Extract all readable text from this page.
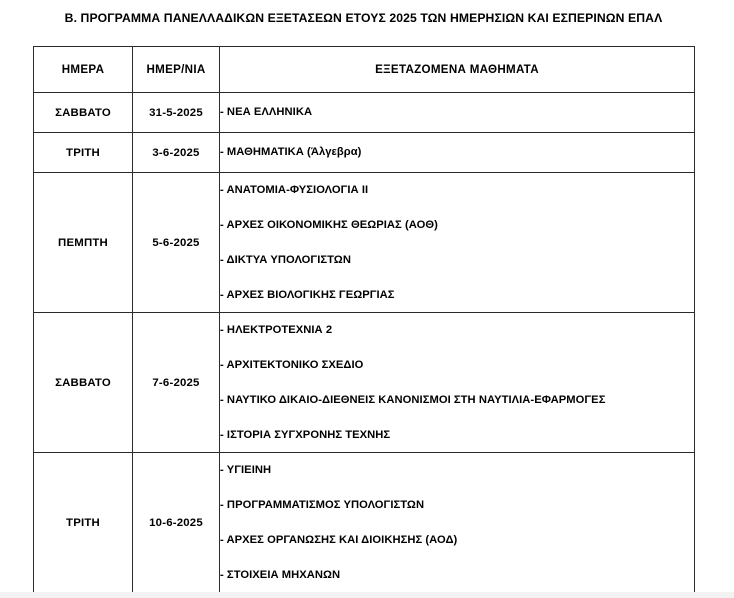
Β. ΠΡΟΓΡΑΜΜΑ ΠΑΝΕΛΛΑΔΙΚΩΝ ΕΞΕΤΑΣΕΩΝ ΕΤΟΥΣ 2025 ΤΩΝ ΗΜΕΡΗΣΙΩΝ ΚΑΙ ΕΣΠΕΡΙΝΩΝ ΕΠΑΛ
ΗΜΕΡΑ	ΗΜΕΡ/ΝΙΑ	ΕΞΕΤΑΖΟΜΕΝΑ ΜΑΘΗΜΑΤΑ
ΣΑΒΒΑΤΟ	31-5-2025	- ΝΕΑ ΕΛΛΗΝΙΚΑ

ΤΡΙΤΗ	3-6-2025	- ΜΑΘΗΜΑΤΙΚΑ (Άλγεβρα)

ΠΕΜΠΤΗ	5-6-2025	
- ΑΝΑΤΟΜΙΑ-ΦΥΣΙΟΛΟΓΙΑ ΙΙ
- ΑΡΧΕΣ ΟΙΚΟΝΟΜΙΚΗΣ ΘΕΩΡΙΑΣ (ΑΟΘ)
- ΔΙΚΤΥΑ ΥΠΟΛΟΓΙΣΤΩΝ
- ΑΡΧΕΣ ΒΙΟΛΟΓΙΚΗΣ ΓΕΩΡΓΙΑΣ

ΣΑΒΒΑΤΟ	7-6-2025	
- ΗΛΕΚΤΡΟΤΕΧΝΙΑ 2
- ΑΡΧΙΤΕΚΤΟΝΙΚΟ ΣΧΕΔΙΟ
- ΝΑΥΤΙΚΟ ΔΙΚΑΙΟ-ΔΙΕΘΝΕΙΣ ΚΑΝΟΝΙΣΜΟΙ ΣΤΗ ΝΑΥΤΙΛΙΑ-ΕΦΑΡΜΟΓΕΣ
- ΙΣΤΟΡΙΑ ΣΥΓΧΡΟΝΗΣ ΤΕΧΝΗΣ

ΤΡΙΤΗ	10-6-2025	
- ΥΓΙΕΙΝΗ
- ΠΡΟΓΡΑΜΜΑΤΙΣΜΟΣ ΥΠΟΛΟΓΙΣΤΩΝ
- ΑΡΧΕΣ ΟΡΓΑΝΩΣΗΣ ΚΑΙ ΔΙΟΙΚΗΣΗΣ (ΑΟΔ)
- ΣΤΟΙΧΕΙΑ ΜΗΧΑΝΩΝ
